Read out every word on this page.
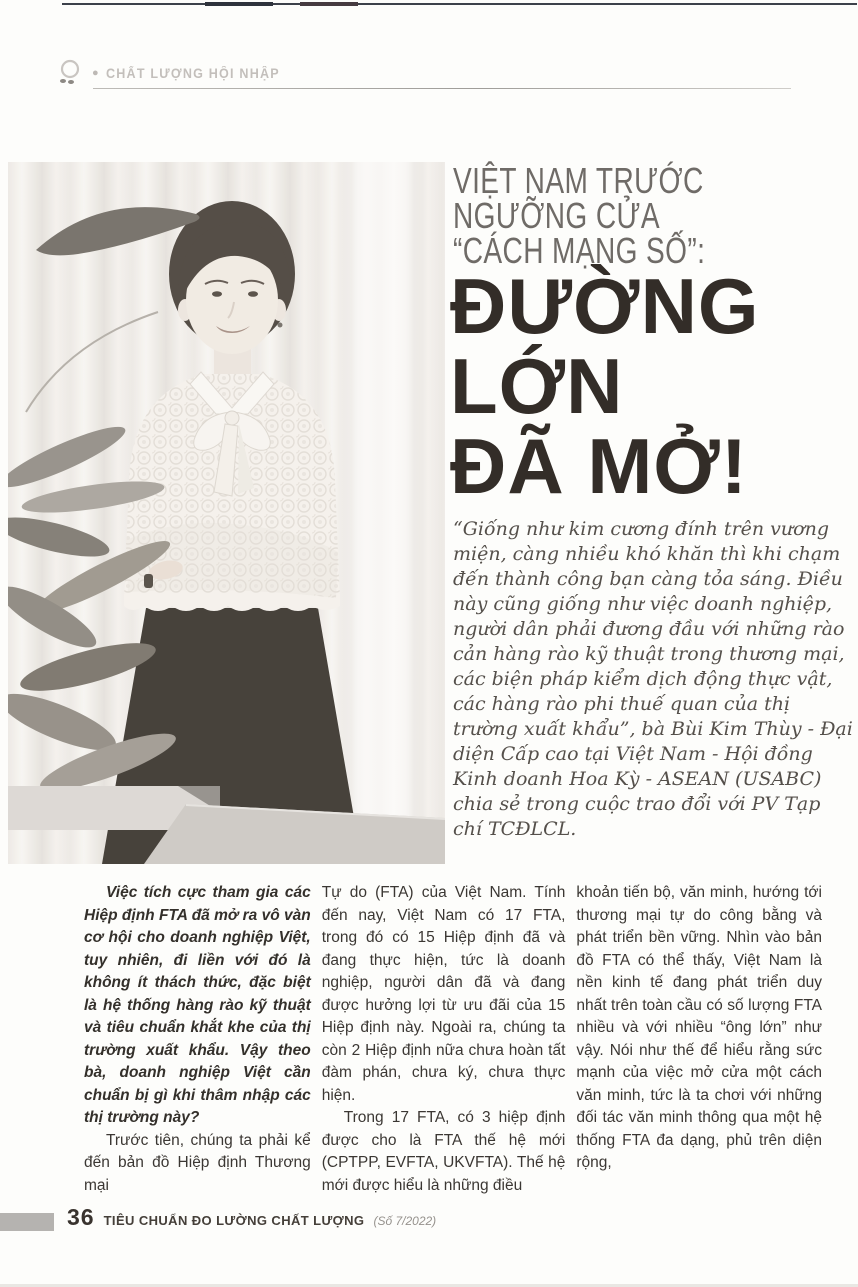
● CHẤT LƯỢNG HỘI NHẬP
VIỆT NAM TRƯỚC
NGƯỠNG CỬA
“CÁCH MẠNG SỐ”:
ĐƯỜNG
LỚN
ĐÃ MỞ!
“Giống như kim cương đính trên vương miện, càng nhiều khó khăn thì khi chạm đến thành công bạn càng tỏa sáng. Điều này cũng giống như việc doanh nghiệp, người dân phải đương đầu với những rào cản hàng rào kỹ thuật trong thương mại, các biện pháp kiểm dịch động thực vật, các hàng rào phi thuế quan của thị trường xuất khẩu”, bà Bùi Kim Thùy - Đại diện Cấp cao tại Việt Nam - Hội đồng Kinh doanh Hoa Kỳ - ASEAN (USABC) chia sẻ trong cuộc trao đổi với PV Tạp chí TCĐLCL.

Việc tích cực tham gia các Hiệp định FTA đã mở ra vô vàn cơ hội cho doanh nghiệp Việt, tuy nhiên, đi liền với đó là không ít thách thức, đặc biệt là hệ thống hàng rào kỹ thuật và tiêu chuẩn khắt khe của thị trường xuất khẩu. Vậy theo bà, doanh nghiệp Việt cần chuẩn bị gì khi thâm nhập các thị trường này?

Trước tiên, chúng ta phải kể đến bản đồ Hiệp định Thương mại

Tự do (FTA) của Việt Nam. Tính đến nay, Việt Nam có 17 FTA, trong đó có 15 Hiệp định đã và đang thực hiện, tức là doanh nghiệp, người dân đã và đang được hưởng lợi từ ưu đãi của 15 Hiệp định này. Ngoài ra, chúng ta còn 2 Hiệp định nữa chưa hoàn tất đàm phán, chưa ký, chưa thực hiện.

Trong 17 FTA, có 3 hiệp định được cho là FTA thế hệ mới (CPTPP, EVFTA, UKVFTA). Thế hệ mới được hiểu là những điều

khoản tiến bộ, văn minh, hướng tới thương mại tự do công bằng và phát triển bền vững. Nhìn vào bản đồ FTA có thể thấy, Việt Nam là nền kinh tế đang phát triển duy nhất trên toàn cầu có số lượng FTA nhiều và với nhiều “ông lớn” như vậy. Nói như thế để hiểu rằng sức mạnh của việc mở cửa một cách văn minh, tức là ta chơi với những đối tác văn minh thông qua một hệ thống FTA đa dạng, phủ trên diện rộng,

36 TIÊU CHUẨN ĐO LƯỜNG CHẤT LƯỢNG (Số 7/2022)
